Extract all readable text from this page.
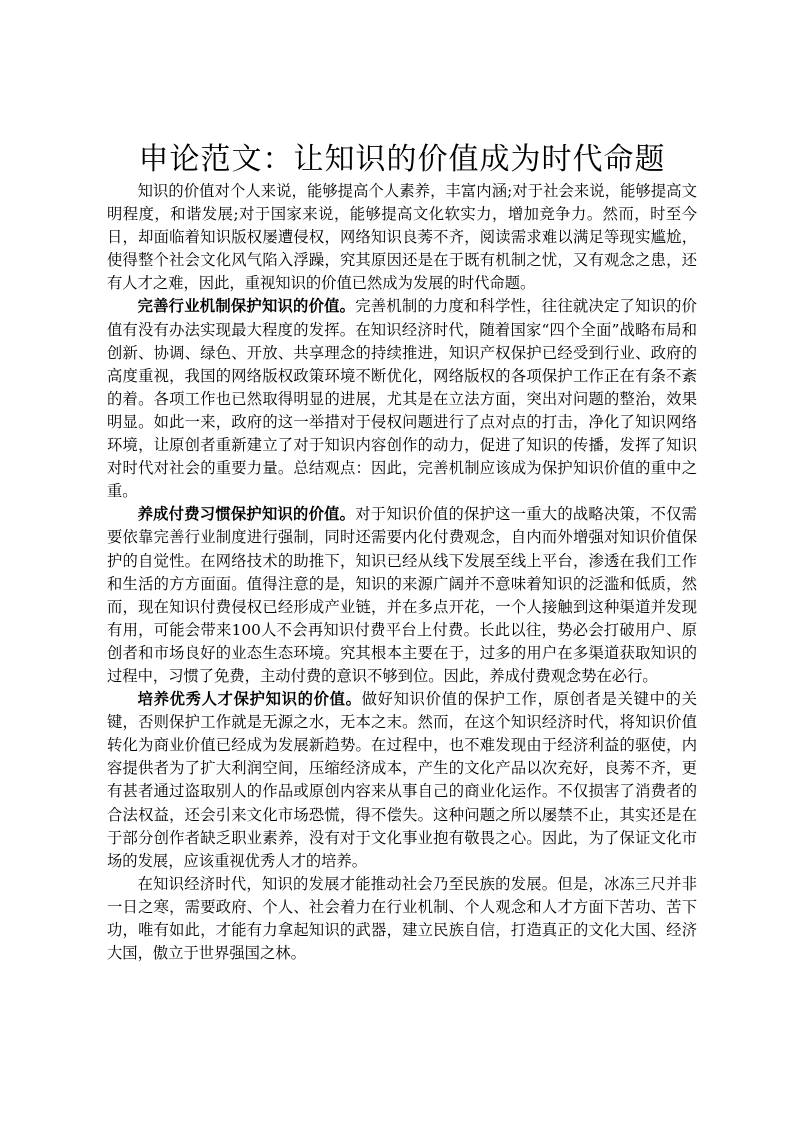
申论范文：让知识的价值成为时代命题

知识的价值对个人来说，能够提高个人素养，丰富内涵;对于社会来说，能够提高文明程度，和谐发展;对于国家来说，能够提高文化软实力，增加竞争力。然而，时至今日，却面临着知识版权屡遭侵权，网络知识良莠不齐，阅读需求难以满足等现实尴尬，使得整个社会文化风气陷入浮躁，究其原因还是在于既有机制之忧，又有观念之患，还有人才之难，因此，重视知识的价值已然成为发展的时代命题。

完善行业机制保护知识的价值。完善机制的力度和科学性，往往就决定了知识的价值有没有办法实现最大程度的发挥。在知识经济时代，随着国家“四个全面”战略布局和创新、协调、绿色、开放、共享理念的持续推进，知识产权保护已经受到行业、政府的高度重视，我国的网络版权政策环境不断优化，网络版权的各项保护工作正在有条不紊的着。各项工作也已然取得明显的进展，尤其是在立法方面，突出对问题的整治，效果明显。如此一来，政府的这一举措对于侵权问题进行了点对点的打击，净化了知识网络环境，让原创者重新建立了对于知识内容创作的动力，促进了知识的传播，发挥了知识对时代对社会的重要力量。总结观点：因此，完善机制应该成为保护知识价值的重中之重。

养成付费习惯保护知识的价值。对于知识价值的保护这一重大的战略决策，不仅需要依靠完善行业制度进行强制，同时还需要内化付费观念，自内而外增强对知识价值保护的自觉性。在网络技术的助推下，知识已经从线下发展至线上平台，渗透在我们工作和生活的方方面面。值得注意的是，知识的来源广阔并不意味着知识的泛滥和低质，然而，现在知识付费侵权已经形成产业链，并在多点开花，一个人接触到这种渠道并发现有用，可能会带来100人不会再知识付费平台上付费。长此以往，势必会打破用户、原创者和市场良好的业态生态环境。究其根本主要在于，过多的用户在多渠道获取知识的过程中，习惯了免费，主动付费的意识不够到位。因此，养成付费观念势在必行。

培养优秀人才保护知识的价值。做好知识价值的保护工作，原创者是关键中的关键，否则保护工作就是无源之水，无本之末。然而，在这个知识经济时代，将知识价值转化为商业价值已经成为发展新趋势。在过程中，也不难发现由于经济利益的驱使，内容提供者为了扩大利润空间，压缩经济成本，产生的文化产品以次充好，良莠不齐，更有甚者通过盗取别人的作品或原创内容来从事自己的商业化运作。不仅损害了消费者的合法权益，还会引来文化市场恐慌，得不偿失。这种问题之所以屡禁不止，其实还是在于部分创作者缺乏职业素养，没有对于文化事业抱有敬畏之心。因此，为了保证文化市场的发展，应该重视优秀人才的培养。

在知识经济时代，知识的发展才能推动社会乃至民族的发展。但是，冰冻三尺并非一日之寒，需要政府、个人、社会着力在行业机制、个人观念和人才方面下苦功、苦下功，唯有如此，才能有力拿起知识的武器，建立民族自信，打造真正的文化大国、经济大国，傲立于世界强国之林。
